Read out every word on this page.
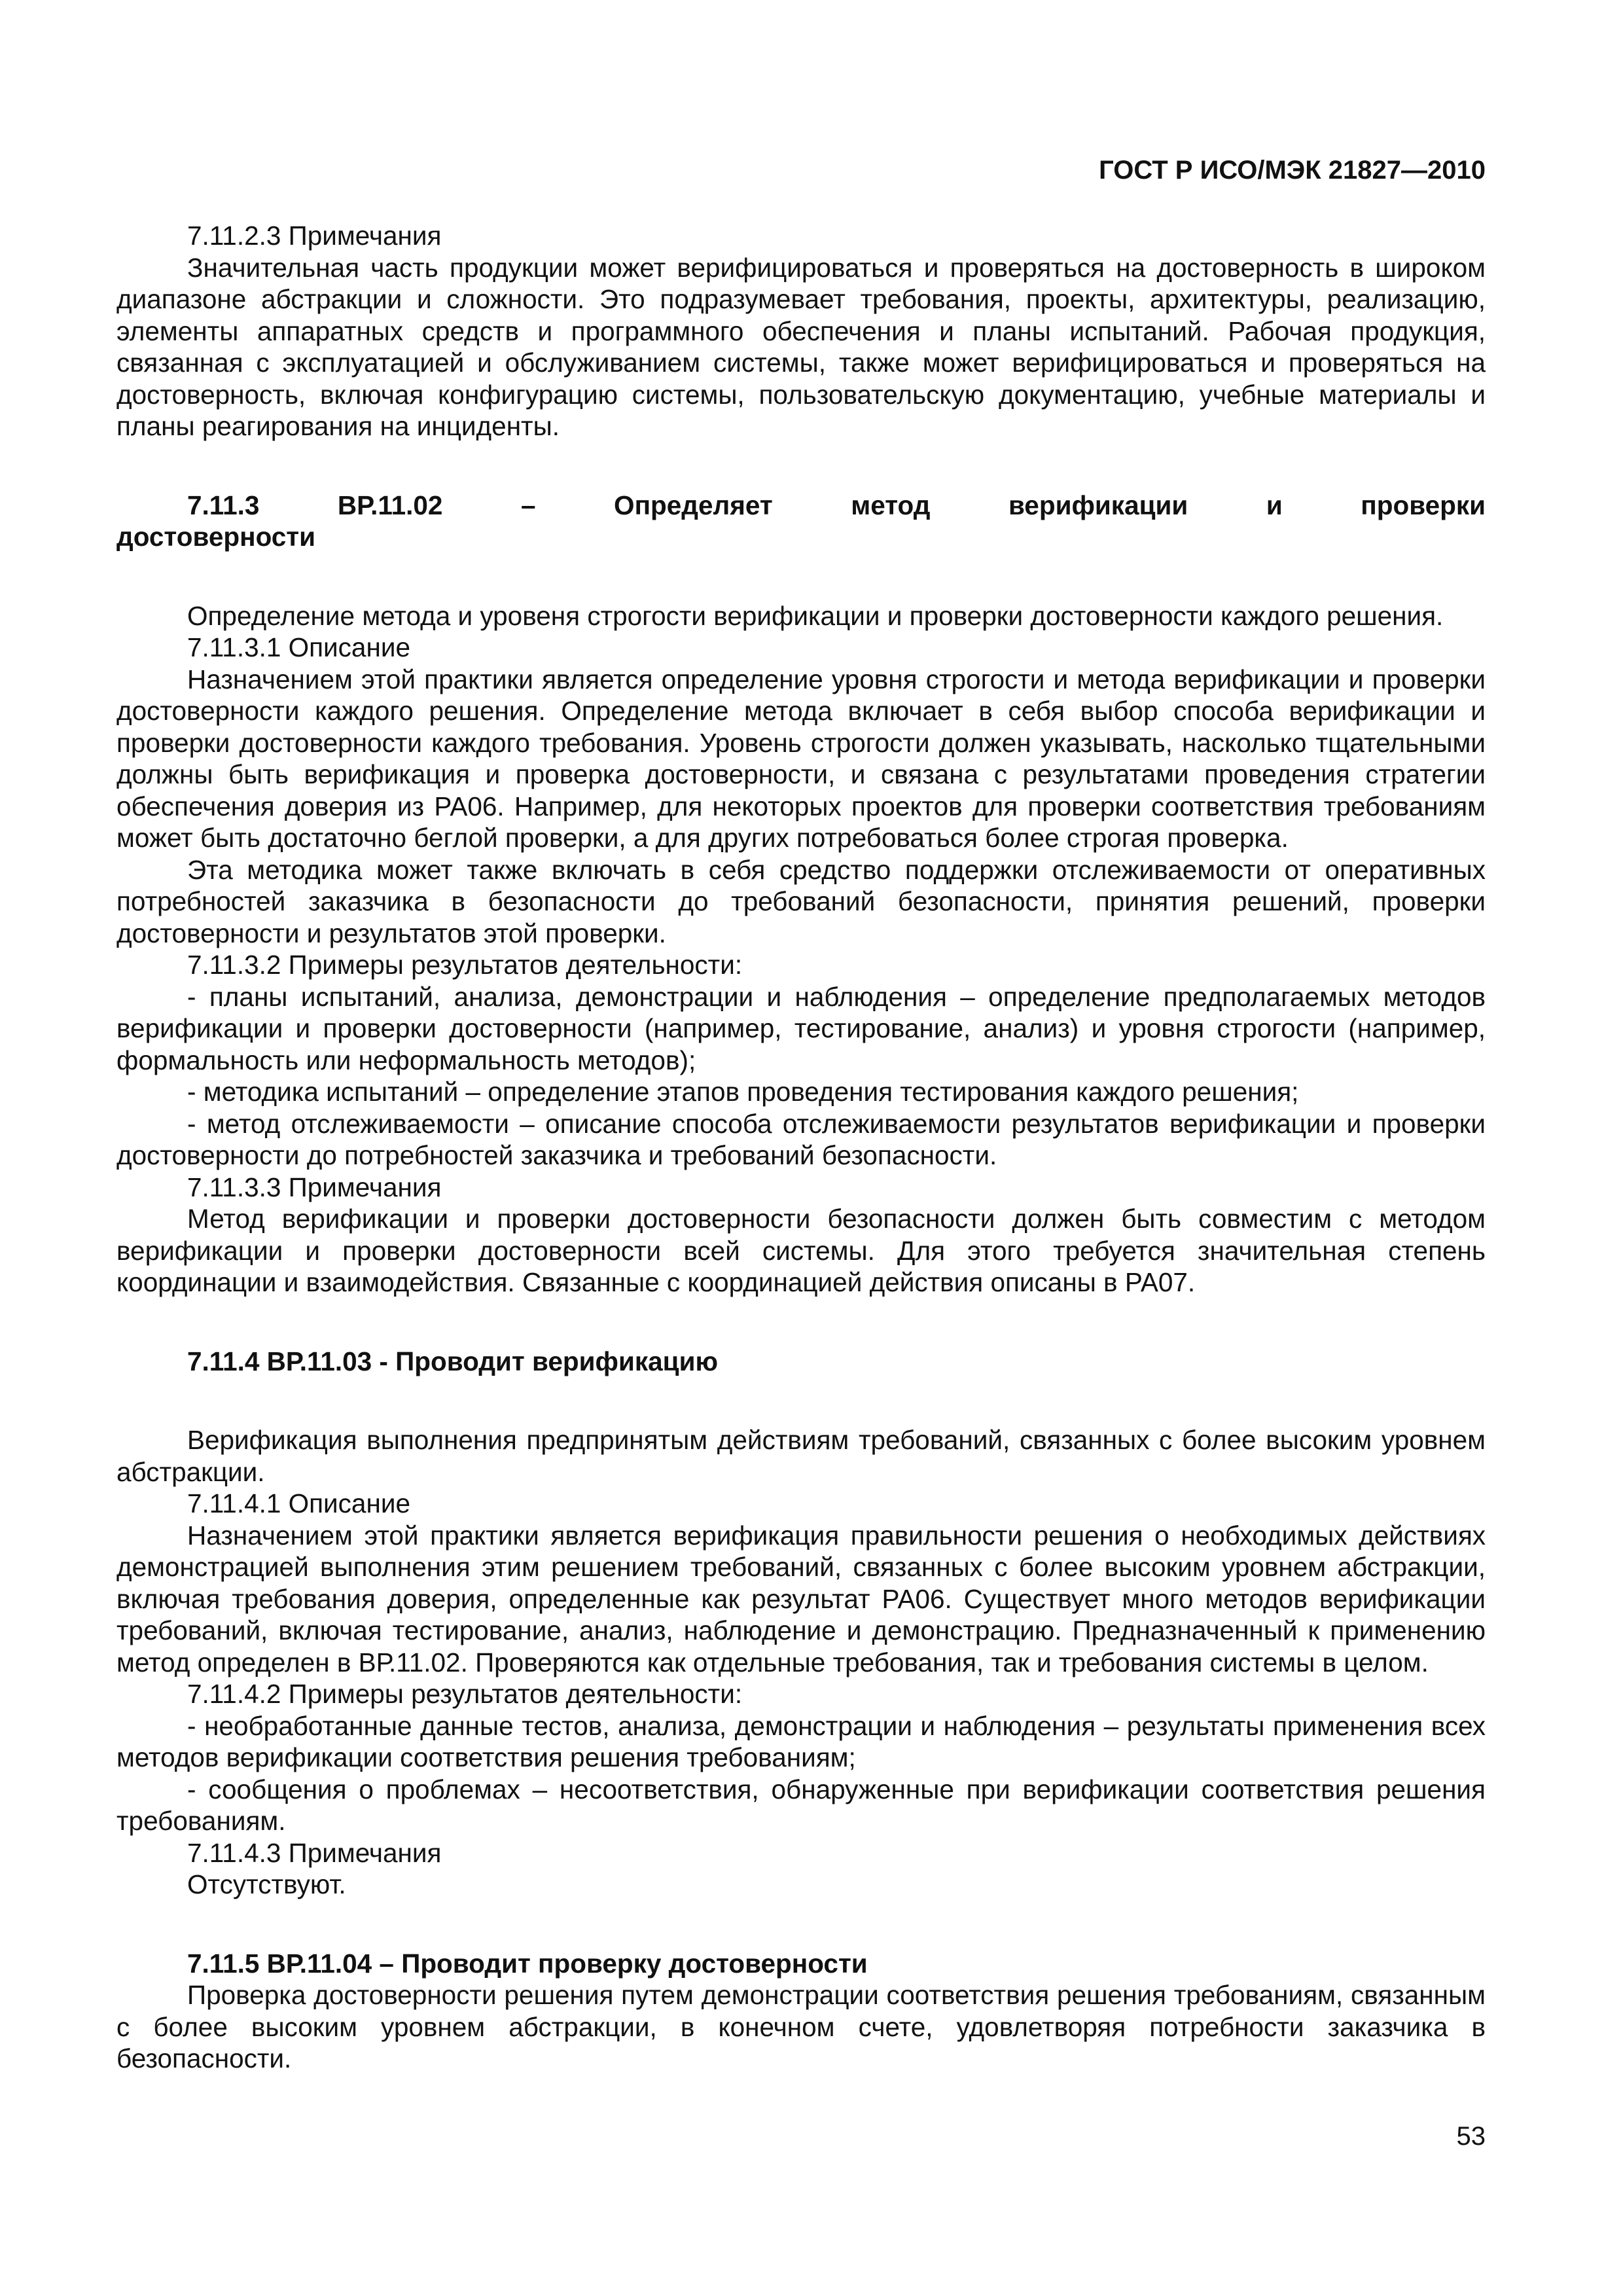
ГОСТ Р ИСО/МЭК 21827—2010

7.11.2.3 Примечания

Значительная часть продукции может верифицироваться и проверяться на достоверность в широком диапазоне абстракции и сложности. Это подразумевает требования, проекты, архитектуры, реализацию, элементы аппаратных средств и программного обеспечения и планы испытаний. Рабочая продукция, связанная с эксплуатацией и обслуживанием системы, также может верифицироваться и проверяться на достоверность, включая конфигурацию системы, пользовательскую документацию, учебные материалы и планы реагирования на инциденты.

7.11.3 ВР.11.02 – Определяет метод верификации и проверки

достоверности

Определение метода и уровеня строгости верификации и проверки достоверности каждого решения.

7.11.3.1 Описание

Назначением этой практики является определение уровня строгости и метода верификации и проверки достоверности каждого решения. Определение метода включает в себя выбор способа верификации и проверки достоверности каждого требования. Уровень строгости должен указывать, насколько тщательными должны быть верификация и проверка достоверности, и связана с результатами проведения стратегии обеспечения доверия из PA06. Например, для некоторых проектов для проверки соответствия требованиям может быть достаточно беглой проверки, а для других потребоваться более строгая проверка.

Эта методика может также включать в себя средство поддержки отслеживаемости от оперативных потребностей заказчика в безопасности до требований безопасности, принятия решений, проверки достоверности и результатов этой проверки.

7.11.3.2 Примеры результатов деятельности:

- планы испытаний, анализа, демонстрации и наблюдения – определение предполагаемых методов верификации и проверки достоверности (например, тестирование, анализ) и уровня строгости (например, формальность или неформальность методов);

- методика испытаний – определение этапов проведения тестирования каждого решения;

- метод отслеживаемости – описание способа отслеживаемости результатов верификации и проверки достоверности до потребностей заказчика и требований безопасности.

7.11.3.3 Примечания

Метод верификации и проверки достоверности безопасности должен быть совместим с методом верификации и проверки достоверности всей системы. Для этого требуется значительная степень координации и взаимодействия. Связанные с координацией действия описаны в PA07.

7.11.4 ВР.11.03 - Проводит верификацию

Верификация выполнения предпринятым действиям требований, связанных с более высоким уровнем абстракции.

7.11.4.1 Описание

Назначением этой практики является верификация правильности решения о необходимых действиях демонстрацией выполнения этим решением требований, связанных с более высоким уровнем абстракции, включая требования доверия, определенные как результат PA06. Существует много методов верификации требований, включая тестирование, анализ, наблюдение и демонстрацию. Предназначенный к применению метод определен в ВР.11.02. Проверяются как отдельные требования, так и требования системы в целом.

7.11.4.2 Примеры результатов деятельности:

- необработанные данные тестов, анализа, демонстрации и наблюдения – результаты применения всех методов верификации соответствия решения требованиям;

- сообщения о проблемах – несоответствия, обнаруженные при верификации соответствия решения требованиям.

7.11.4.3 Примечания

Отсутствуют.

7.11.5 ВР.11.04 – Проводит проверку достоверности

Проверка достоверности решения путем демонстрации соответствия решения требованиям, связанным с более высоким уровнем абстракции, в конечном счете, удовлетворяя потребности заказчика в безопасности.

53
